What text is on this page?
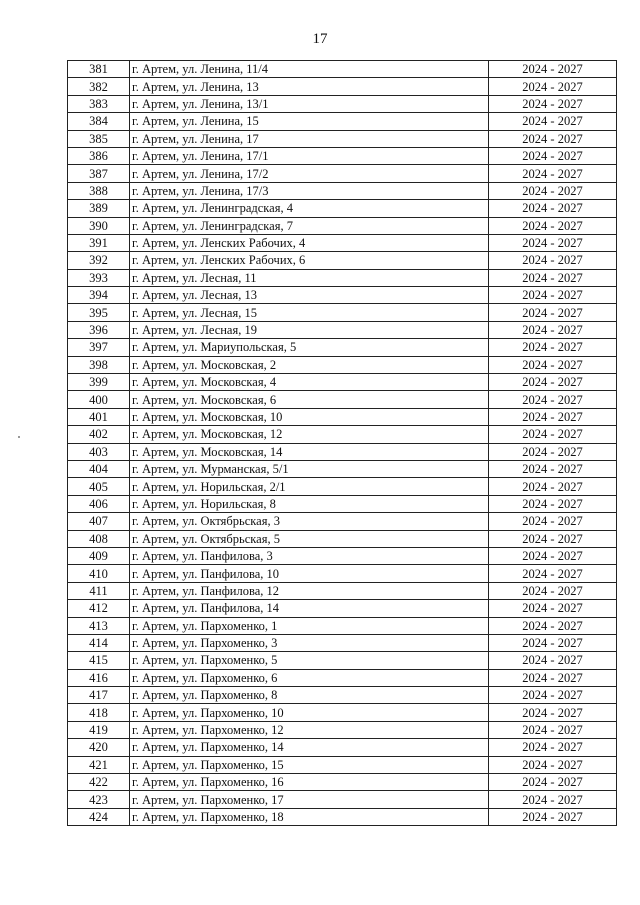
17
381	г. Артем, ул. Ленина, 11/4	2024 - 2027
382	г. Артем, ул. Ленина, 13	2024 - 2027
383	г. Артем, ул. Ленина, 13/1	2024 - 2027
384	г. Артем, ул. Ленина, 15	2024 - 2027
385	г. Артем, ул. Ленина, 17	2024 - 2027
386	г. Артем, ул. Ленина, 17/1	2024 - 2027
387	г. Артем, ул. Ленина, 17/2	2024 - 2027
388	г. Артем, ул. Ленина, 17/3	2024 - 2027
389	г. Артем, ул. Ленинградская, 4	2024 - 2027
390	г. Артем, ул. Ленинградская, 7	2024 - 2027
391	г. Артем, ул. Ленских Рабочих, 4	2024 - 2027
392	г. Артем, ул. Ленских Рабочих, 6	2024 - 2027
393	г. Артем, ул. Лесная, 11	2024 - 2027
394	г. Артем, ул. Лесная, 13	2024 - 2027
395	г. Артем, ул. Лесная, 15	2024 - 2027
396	г. Артем, ул. Лесная, 19	2024 - 2027
397	г. Артем, ул. Мариупольская, 5	2024 - 2027
398	г. Артем, ул. Московская, 2	2024 - 2027
399	г. Артем, ул. Московская, 4	2024 - 2027
400	г. Артем, ул. Московская, 6	2024 - 2027
401	г. Артем, ул. Московская, 10	2024 - 2027
402	г. Артем, ул. Московская, 12	2024 - 2027
403	г. Артем, ул. Московская, 14	2024 - 2027
404	г. Артем, ул. Мурманская, 5/1	2024 - 2027
405	г. Артем, ул. Норильская, 2/1	2024 - 2027
406	г. Артем, ул. Норильская, 8	2024 - 2027
407	г. Артем, ул. Октябрьская, 3	2024 - 2027
408	г. Артем, ул. Октябрьская, 5	2024 - 2027
409	г. Артем, ул. Панфилова, 3	2024 - 2027
410	г. Артем, ул. Панфилова, 10	2024 - 2027
411	г. Артем, ул. Панфилова, 12	2024 - 2027
412	г. Артем, ул. Панфилова, 14	2024 - 2027
413	г. Артем, ул. Пархоменко, 1	2024 - 2027
414	г. Артем, ул. Пархоменко, 3	2024 - 2027
415	г. Артем, ул. Пархоменко, 5	2024 - 2027
416	г. Артем, ул. Пархоменко, 6	2024 - 2027
417	г. Артем, ул. Пархоменко, 8	2024 - 2027
418	г. Артем, ул. Пархоменко, 10	2024 - 2027
419	г. Артем, ул. Пархоменко, 12	2024 - 2027
420	г. Артем, ул. Пархоменко, 14	2024 - 2027
421	г. Артем, ул. Пархоменко, 15	2024 - 2027
422	г. Артем, ул. Пархоменко, 16	2024 - 2027
423	г. Артем, ул. Пархоменко, 17	2024 - 2027
424	г. Артем, ул. Пархоменко, 18	2024 - 2027
